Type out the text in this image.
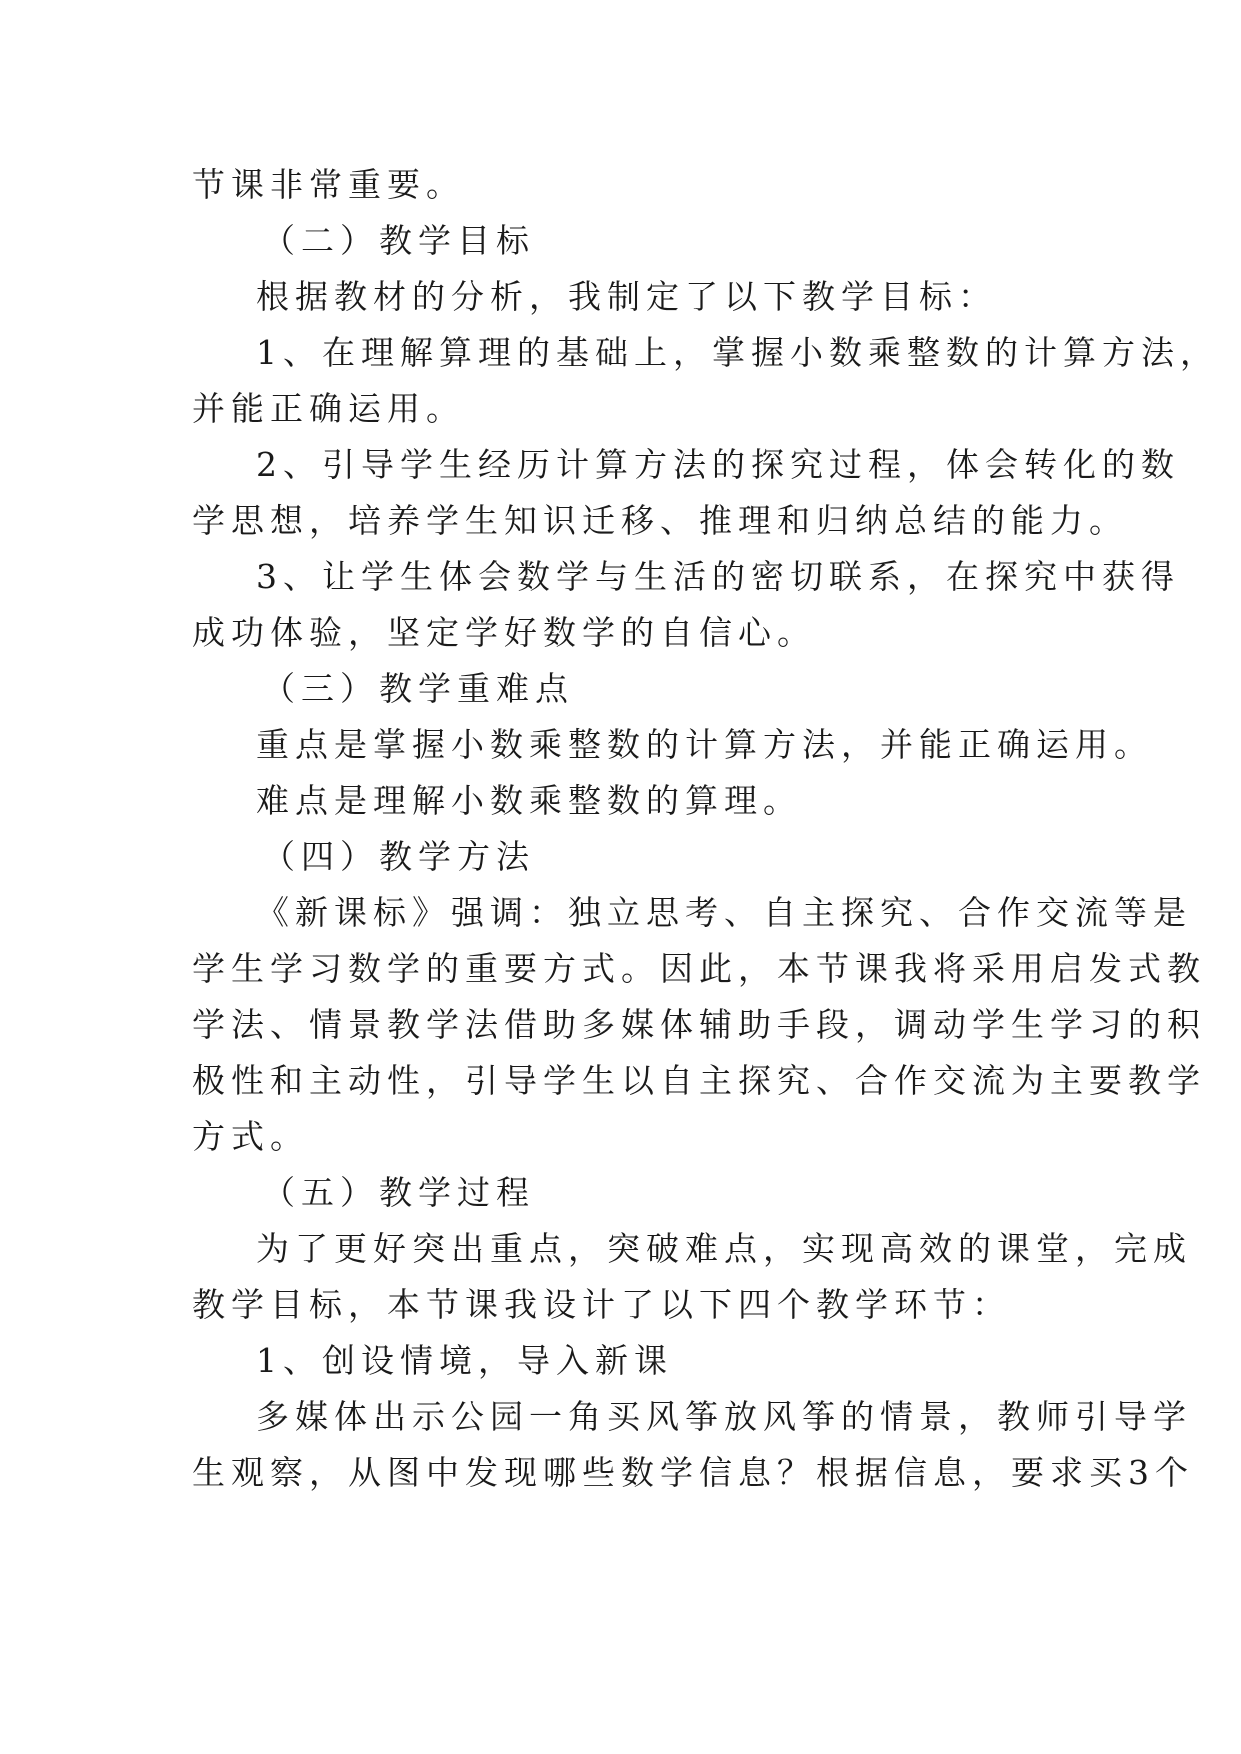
节课非常重要。
（二）教学目标
根据教材的分析，我制定了以下教学目标：
1、在理解算理的基础上，掌握小数乘整数的计算方法，
并能正确运用。
2、引导学生经历计算方法的探究过程，体会转化的数
学思想，培养学生知识迁移、推理和归纳总结的能力。
3、让学生体会数学与生活的密切联系，在探究中获得
成功体验，坚定学好数学的自信心。
（三）教学重难点
重点是掌握小数乘整数的计算方法，并能正确运用。
难点是理解小数乘整数的算理。
（四）教学方法
《新课标》强调：独立思考、自主探究、合作交流等是
学生学习数学的重要方式。因此，本节课我将采用启发式教
学法、情景教学法借助多媒体辅助手段，调动学生学习的积
极性和主动性，引导学生以自主探究、合作交流为主要教学
方式。
（五）教学过程
为了更好突出重点，突破难点，实现高效的课堂，完成
教学目标，本节课我设计了以下四个教学环节：
1、创设情境，导入新课
多媒体出示公园一角买风筝放风筝的情景，教师引导学
生观察，从图中发现哪些数学信息？根据信息，要求买3个
